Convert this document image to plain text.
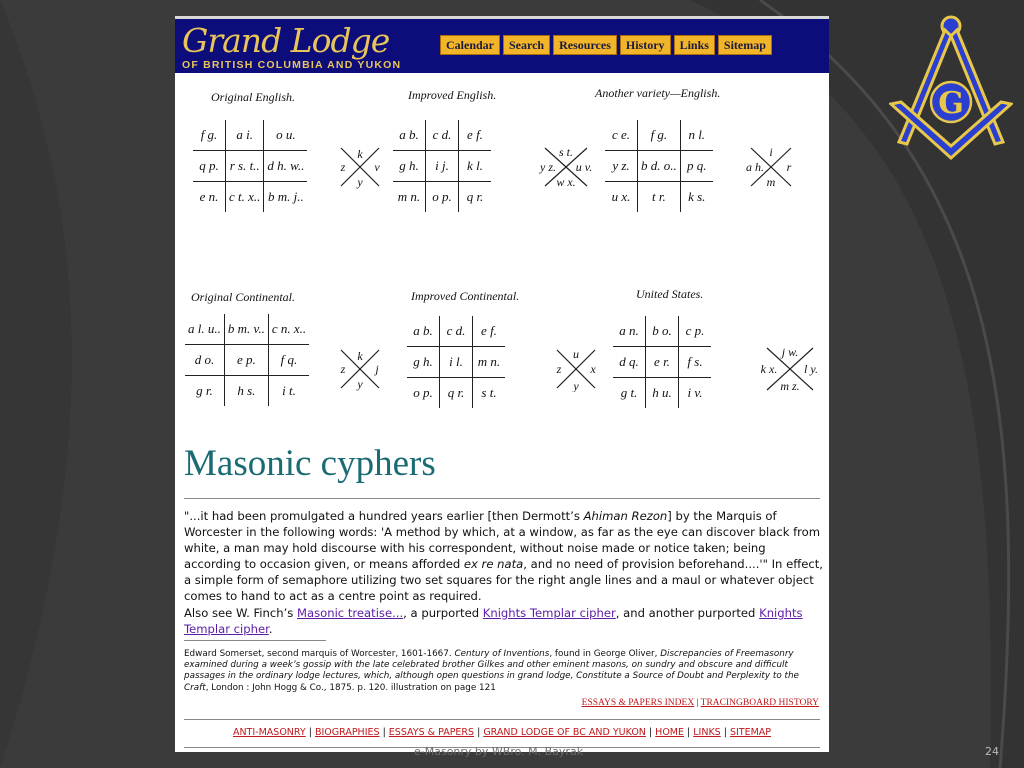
Grand Lodge
OF BRITISH COLUMBIA AND YUKON
Calendar	Search	Resources	History	Links	Sitemap
Original English.
f g.	a i.	o u.
q p.	r s. t..	d h. w..
e n.	c t. x..	b m. j..
k
z v
y
Improved English.
a b.	c d.	e f.
g h.	i j.	k l.
m n.	o p.	q r.
s t.
y z. u v.
w x.
Another variety—English.
c e.	f g.	n l.
y z.	b d. o..	p q.
u x.	t r.	k s.
i
a h. r
m
Original Continental.
a l. u..	b m. v..	c n. x..
d o.	e p.	f q.
g r.	h s.	i t.
k
z j
y
Improved Continental.
a b.	c d.	e f.
g h.	i l.	m n.
o p.	q r.	s t.
u
z x
y
United States.
a n.	b o.	c p.
d q.	e r.	f s.
g t.	h u.	i v.
j w.
k x. l y.
m z.
Masonic cyphers

"...it had been promulgated a hundred years earlier [then Dermott’s Ahiman Rezon] by the Marquis of Worcester in the following words: 'A method by which, at a window, as far as the eye can discover black from white, a man may hold discourse with his correspondent, without noise made or notice taken; being according to occasion given, or means afforded ex re nata, and no need of provision beforehand....'" In effect, a simple form of semaphore utilizing two set squares for the right angle lines and a maul or whatever object comes to hand to act as a centre point as required.

Also see W. Finch’s Masonic treatise..., a purported Knights Templar cipher, and another purported Knights Templar cipher.

Edward Somerset, second marquis of Worcester, 1601-1667. Century of Inventions, found in George Oliver, Discrepancies of Freemasonry examined during a week’s gossip with the late celebrated brother Gilkes and other eminent masons, on sundry and obscure and difficult passages in the ordinary lodge lectures, which, although open questions in grand lodge, Constitute a Source of Doubt and Perplexity to the Craft, London : John Hogg & Co., 1875. p. 120. illustration on page 121
ESSAYS & PAPERS INDEX | TRACINGBOARD HISTORY
ANTI-MASONRY | BIOGRAPHIES | ESSAYS & PAPERS | GRAND LODGE OF BC AND YUKON | HOME | LINKS | SITEMAP
G
e-Masonry by WBro. M. Bayrak	24
